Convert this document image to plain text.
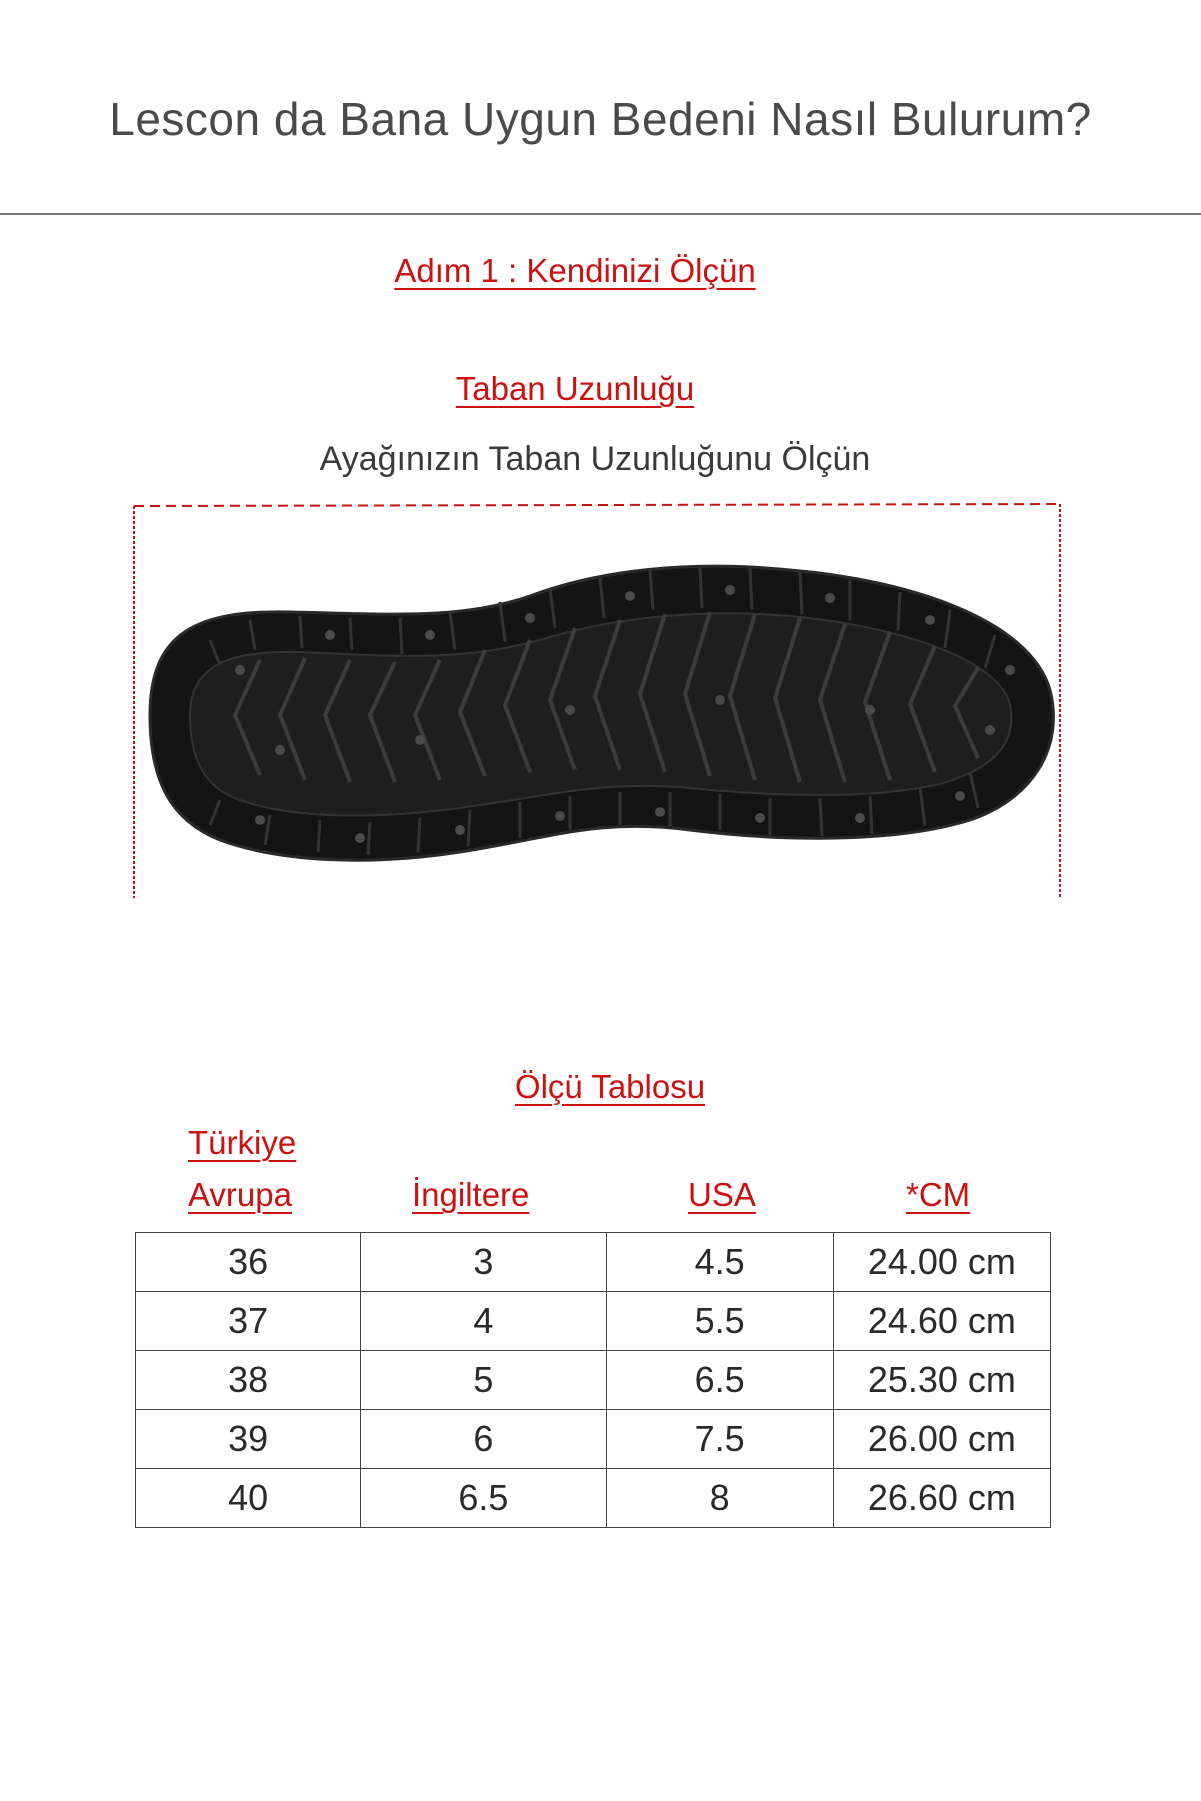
Lescon da Bana Uygun Bedeni Nasıl Bulurum?
Adım 1 : Kendinizi Ölçün
Taban Uzunluğu
Ayağınızın Taban Uzunluğunu Ölçün
Ölçü Tablosu
Türkiye
Avrupa	İngiltere	USA	*CM
36	3	4.5	24.00 cm
37	4	5.5	24.60 cm
38	5	6.5	25.30 cm
39	6	7.5	26.00 cm
40	6.5	8	26.60 cm
